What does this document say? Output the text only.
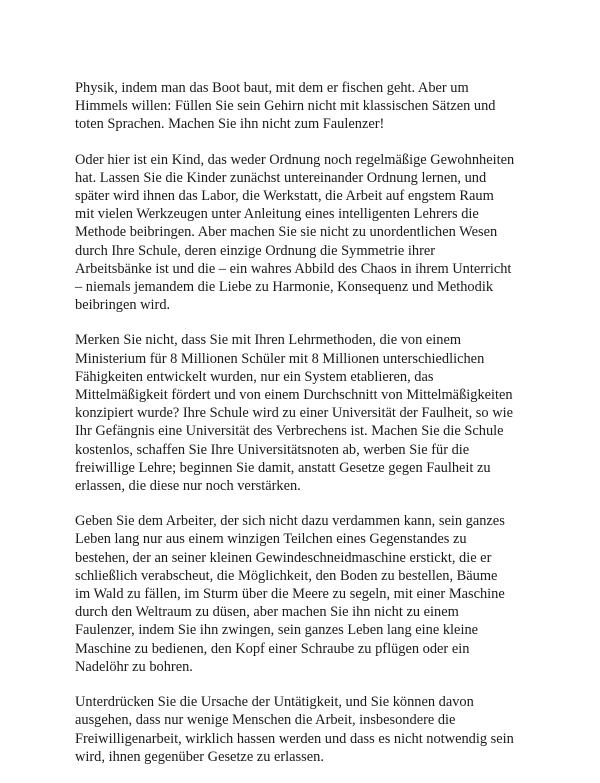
Physik, indem man das Boot baut, mit dem er fischen geht. Aber um
Himmels willen: Füllen Sie sein Gehirn nicht mit klassischen Sätzen und
toten Sprachen. Machen Sie ihn nicht zum Faulenzer!

Oder hier ist ein Kind, das weder Ordnung noch regelmäßige Gewohnheiten
hat. Lassen Sie die Kinder zunächst untereinander Ordnung lernen, und
später wird ihnen das Labor, die Werkstatt, die Arbeit auf engstem Raum
mit vielen Werkzeugen unter Anleitung eines intelligenten Lehrers die
Methode beibringen. Aber machen Sie sie nicht zu unordentlichen Wesen
durch Ihre Schule, deren einzige Ordnung die Symmetrie ihrer
Arbeitsbänke ist und die – ein wahres Abbild des Chaos in ihrem Unterricht
– niemals jemandem die Liebe zu Harmonie, Konsequenz und Methodik
beibringen wird.

Merken Sie nicht, dass Sie mit Ihren Lehrmethoden, die von einem
Ministerium für 8 Millionen Schüler mit 8 Millionen unterschiedlichen
Fähigkeiten entwickelt wurden, nur ein System etablieren, das
Mittelmäßigkeit fördert und von einem Durchschnitt von Mittelmäßigkeiten
konzipiert wurde? Ihre Schule wird zu einer Universität der Faulheit, so wie
Ihr Gefängnis eine Universität des Verbrechens ist. Machen Sie die Schule
kostenlos, schaffen Sie Ihre Universitätsnoten ab, werben Sie für die
freiwillige Lehre; beginnen Sie damit, anstatt Gesetze gegen Faulheit zu
erlassen, die diese nur noch verstärken.

Geben Sie dem Arbeiter, der sich nicht dazu verdammen kann, sein ganzes
Leben lang nur aus einem winzigen Teilchen eines Gegenstandes zu
bestehen, der an seiner kleinen Gewindeschneidmaschine erstickt, die er
schließlich verabscheut, die Möglichkeit, den Boden zu bestellen, Bäume
im Wald zu fällen, im Sturm über die Meere zu segeln, mit einer Maschine
durch den Weltraum zu düsen, aber machen Sie ihn nicht zu einem
Faulenzer, indem Sie ihn zwingen, sein ganzes Leben lang eine kleine
Maschine zu bedienen, den Kopf einer Schraube zu pflügen oder ein
Nadelöhr zu bohren.

Unterdrücken Sie die Ursache der Untätigkeit, und Sie können davon
ausgehen, dass nur wenige Menschen die Arbeit, insbesondere die
Freiwilligenarbeit, wirklich hassen werden und dass es nicht notwendig sein
wird, ihnen gegenüber Gesetze zu erlassen.
